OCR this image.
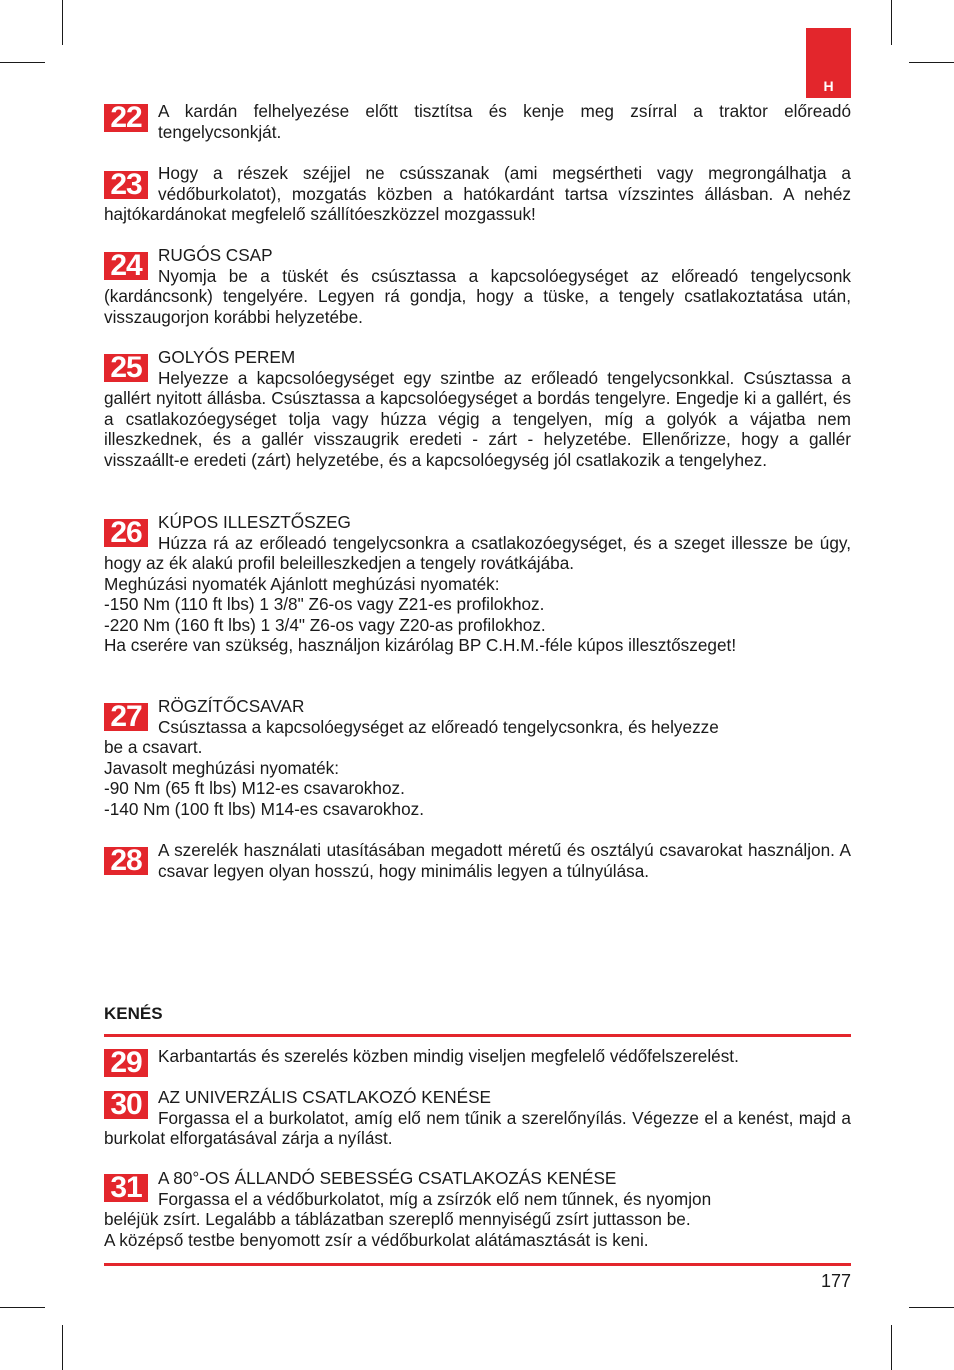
H
22 A kardán felhelyezése előtt tisztítsa és kenje meg zsírral a traktor előreadó tengelycsonkját.

23 Hogy a részek széjjel ne csússzanak (ami megsértheti vagy megrongálhatja a védőburkolatot), mozgatás közben a hatókardánt tartsa vízszintes állásban. A nehéz hajtókardánokat megfelelő szállítóeszközzel mozgassuk!

24 RUGÓS CSAP

Nyomja be a tüskét és csúsztassa a kapcsolóegységet az előreadó tengelycsonk (kardáncsonk) tengelyére. Legyen rá gondja, hogy a tüske, a tengely csatlakoztatása után, visszaugorjon korábbi helyzetébe.

25 GOLYÓS PEREM

Helyezze a kapcsolóegységet egy szintbe az erőleadó tengelycsonkkal. Csúsztassa a gallért nyitott állásba. Csúsztassa a kapcsolóegységet a bordás tengelyre. Engedje ki a gallért, és a csatlakozóegységet tolja vagy húzza végig a tengelyen, míg a golyók a vájatba nem illeszkednek, és a gallér visszaugrik eredeti - zárt - helyzetébe. Ellenőrizze, hogy a gallér visszaállt-e eredeti (zárt) helyzetébe, és a kapcsolóegység jól csatlakozik a tengelyhez.

26 KÚPOS ILLESZTŐSZEG

Húzza rá az erőleadó tengelycsonkra a csatlakozóegységet, és a szeget illessze be úgy, hogy az ék alakú profil beleilleszkedjen a tengely rovátkájába.

Meghúzási nyomaték Ajánlott meghúzási nyomaték:

-150 Nm (110 ft lbs) 1 3/8" Z6-os vagy Z21-es profilokhoz.

-220 Nm (160 ft lbs) 1 3/4" Z6-os vagy Z20-as profilokhoz.

Ha cserére van szükség, használjon kizárólag BP C.H.M.-féle kúpos illesztőszeget!

27 RÖGZÍTŐCSAVAR

Csúsztassa a kapcsolóegységet az előreadó tengelycsonkra, és helyezze

be a csavart.

Javasolt meghúzási nyomaték:

-90 Nm (65 ft lbs) M12-es csavarokhoz.

-140 Nm (100 ft lbs) M14-es csavarokhoz.

28 A szerelék használati utasításában megadott méretű és osztályú csavarokat használjon. A csavar legyen olyan hosszú, hogy minimális legyen a túlnyúlása.

KENÉS
29 Karbantartás és szerelés közben mindig viseljen megfelelő védőfelszerelést.

30 AZ UNIVERZÁLIS CSATLAKOZÓ KENÉSE

Forgassa el a burkolatot, amíg elő nem tűnik a szerelőnyílás. Végezze el a kenést, majd a burkolat elforgatásával zárja a nyílást.

31 A 80°-OS ÁLLANDÓ SEBESSÉG CSATLAKOZÁS KENÉSE

Forgassa el a védőburkolatot, míg a zsírzók elő nem tűnnek, és nyomjon

beléjük zsírt. Legalább a táblázatban szereplő mennyiségű zsírt juttasson be.

A középső testbe benyomott zsír a védőburkolat alátámasztását is keni.

177
